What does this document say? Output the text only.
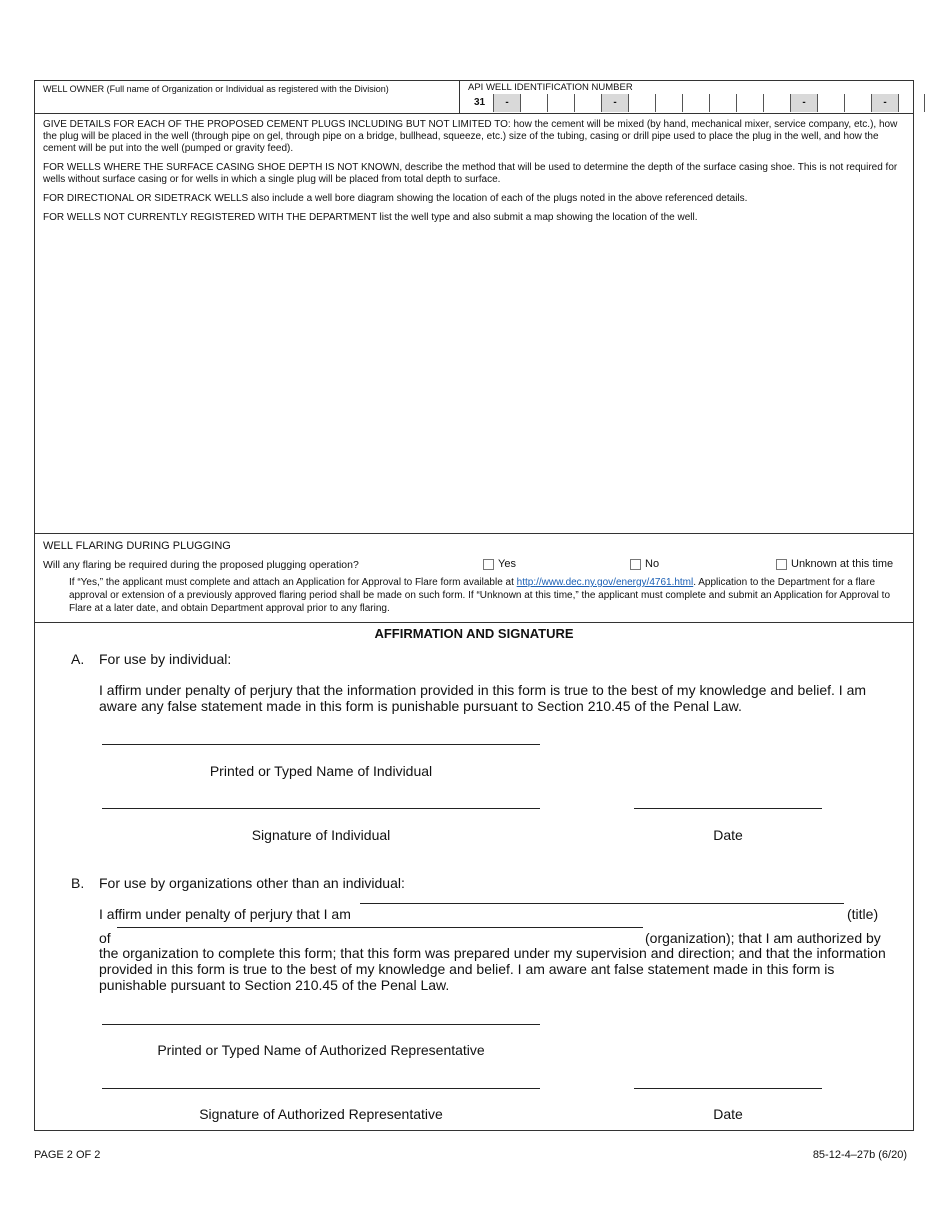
WELL OWNER (Full name of Organization or Individual as registered with the Division)	API WELL IDENTIFICATION NUMBER
31	-	-	-	-

GIVE DETAILS FOR EACH OF THE PROPOSED CEMENT PLUGS INCLUDING BUT NOT LIMITED TO: how the cement will be mixed (by hand, mechanical mixer, service company, etc.), how the plug will be placed in the well (through pipe on gel, through pipe on a bridge, bullhead, squeeze, etc.) size of the tubing, casing or drill pipe used to place the plug in the well, and how the cement will be put into the well (pumped or gravity feed).

FOR WELLS WHERE THE SURFACE CASING SHOE DEPTH IS NOT KNOWN, describe the method that will be used to determine the depth of the surface casing shoe. This is not required for wells without surface casing or for wells in which a single plug will be placed from total depth to surface.

FOR DIRECTIONAL OR SIDETRACK WELLS also include a well bore diagram showing the location of each of the plugs noted in the above referenced details.

FOR WELLS NOT CURRENTLY REGISTERED WITH THE DEPARTMENT list the well type and also submit a map showing the location of the well.

WELL FLARING DURING PLUGGING
Will any flaring be required during the proposed plugging operation?	Yes	No	Unknown at this time
If “Yes,” the applicant must complete and attach an Application for Approval to Flare form available at http://www.dec.ny.gov/energy/4761.html. Application to the Department for a flare approval or extension of a previously approved flaring period shall be made on such form. If “Unknown at this time,” the applicant must complete and submit an Application for Approval to Flare at a later date, and obtain Department approval prior to any flaring.
AFFIRMATION AND SIGNATURE
A. For use by individual:
I affirm under penalty of perjury that the information provided in this form is true to the best of my knowledge and belief. I am aware any false statement made in this form is punishable pursuant to Section 210.45 of the Penal Law.
Printed or Typed Name of Individual
Signature of Individual	Date
B. For use by organizations other than an individual:
I affirm under penalty of perjury that I am	(title)
of	(organization); that I am authorized by
the organization to complete this form; that this form was prepared under my supervision and direction; and that the information provided in this form is true to the best of my knowledge and belief. I am aware ant false statement made in this form is punishable pursuant to Section 210.45 of the Penal Law.
Printed or Typed Name of Authorized Representative
Signature of Authorized Representative	Date
PAGE 2 OF 2	85-12-4–27b (6/20)
